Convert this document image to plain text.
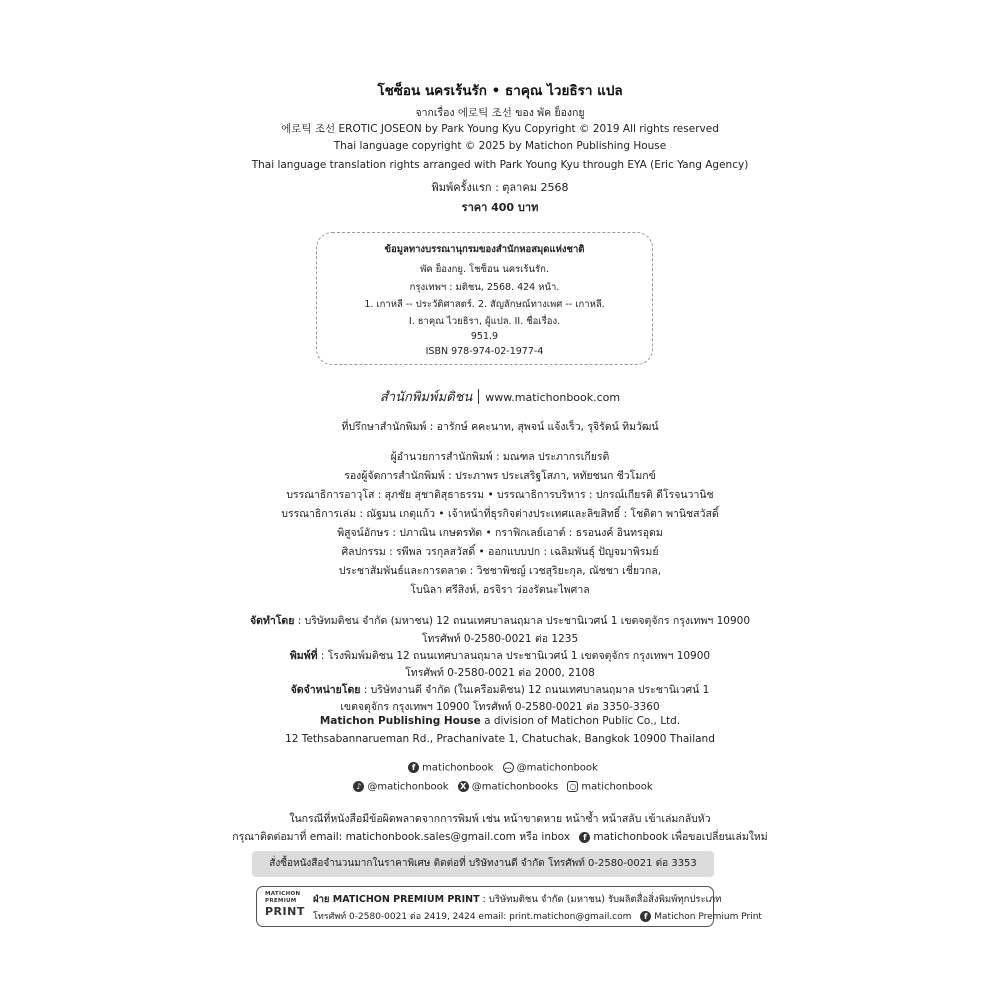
โชซ็อน นครเร้นรัก • ธาคุณ ไวยธิรา แปล
จากเรื่อง 에로틱 조선 ของ พัค ย็องกยู
에로틱 조선 EROTIC JOSEON by Park Young Kyu Copyright © 2019 All rights reserved
Thai language copyright © 2025 by Matichon Publishing House
Thai language translation rights arranged with Park Young Kyu through EYA (Eric Yang Agency)
พิมพ์ครั้งแรก : ตุลาคม 2568
ราคา 400 บาท
ข้อมูลทางบรรณานุกรมของสำนักหอสมุดแห่งชาติ
พัค ย็องกยู. โชซ็อน นครเร้นรัก.
กรุงเทพฯ : มติชน, 2568. 424 หน้า.
1. เกาหลี -- ประวัติศาสตร์. 2. สัญลักษณ์ทางเพศ -- เกาหลี.
I. ธาคุณ ไวยธิรา, ผู้แปล. II. ชื่อเรื่อง.
951.9
ISBN 978-974-02-1977-4
สำนักพิมพ์มติชน www.matichonbook.com
ที่ปรึกษาสำนักพิมพ์ : อารักษ์ คคะนาท, สุพจน์ แจ้งเร็ว, รุจิรัตน์ ทิมวัฒน์
ผู้อำนวยการสำนักพิมพ์ : มณฑล ประภากรเกียรติ
รองผู้จัดการสำนักพิมพ์ : ประภาพร ประเสริฐโสภา, หทัยชนก ชีวโมกข์
บรรณาธิการอาวุโส : สุภชัย สุชาติสุธาธรรม • บรรณาธิการบริหาร : ปกรณ์เกียรติ ดีโรจนวานิช
บรรณาธิการเล่ม : ณัฐมน เกตุแก้ว • เจ้าหน้าที่ธุรกิจต่างประเทศและลิขสิทธิ์ : โชติตา พานิชสวัสดิ์
พิสูจน์อักษร : ปภาณิน เกษตรทัต • กราฟิกเลย์เอาต์ : ธรอนงค์ อินทรอุดม
ศิลปกรรม : รพีพล วรกุลสวัสดิ์ • ออกแบบปก : เฉลิมพันธุ์ ปัญจมาพิรมย์
ประชาสัมพันธ์และการตลาด : วิชชาพิชญ์ เวชสุริยะกุล, ณัชชา เชี่ยวกล,
โบนิลา ศรีสิงห์, อรจิรา ว่องรัตนะไพศาล
จัดทำโดย : บริษัทมติชน จำกัด (มหาชน) 12 ถนนเทศบาลนฤมาล ประชานิเวศน์ 1 เขตจตุจักร กรุงเทพฯ 10900
โทรศัพท์ 0-2580-0021 ต่อ 1235
พิมพ์ที่ : โรงพิมพ์มติชน 12 ถนนเทศบาลนฤมาล ประชานิเวศน์ 1 เขตจตุจักร กรุงเทพฯ 10900
โทรศัพท์ 0-2580-0021 ต่อ 2000, 2108
จัดจำหน่ายโดย : บริษัทงานดี จำกัด (ในเครือมติชน) 12 ถนนเทศบาลนฤมาล ประชานิเวศน์ 1
เขตจตุจักร กรุงเทพฯ 10900 โทรศัพท์ 0-2580-0021 ต่อ 3350-3360
Matichon Publishing House a division of Matichon Public Co., Ltd.
12 Tethsabannarueman Rd., Prachanivate 1, Chatuchak, Bangkok 10900 Thailand
f matichonbook … @matichonbook
♪ @matichonbook X @matichonbooks ○ matichonbook
ในกรณีที่หนังสือมีข้อผิดพลาดจากการพิมพ์ เช่น หน้าขาดหาย หน้าซ้ำ หน้าสลับ เข้าเล่มกลับหัว
กรุณาติดต่อมาที่ email: matichonbook.sales@gmail.com หรือ inbox f matichonbook เพื่อขอเปลี่ยนเล่มใหม่
สั่งซื้อหนังสือจำนวนมากในราคาพิเศษ ติดต่อที่ บริษัทงานดี จำกัด โทรศัพท์ 0-2580-0021 ต่อ 3353
MATICHON
PREMIUM
PRINT
ฝ่าย MATICHON PREMIUM PRINT : บริษัทมติชน จำกัด (มหาชน) รับผลิตสื่อสิ่งพิมพ์ทุกประเภท
โทรศัพท์ 0-2580-0021 ต่อ 2419, 2424 email: print.matichon@gmail.com f Matichon Premium Print
